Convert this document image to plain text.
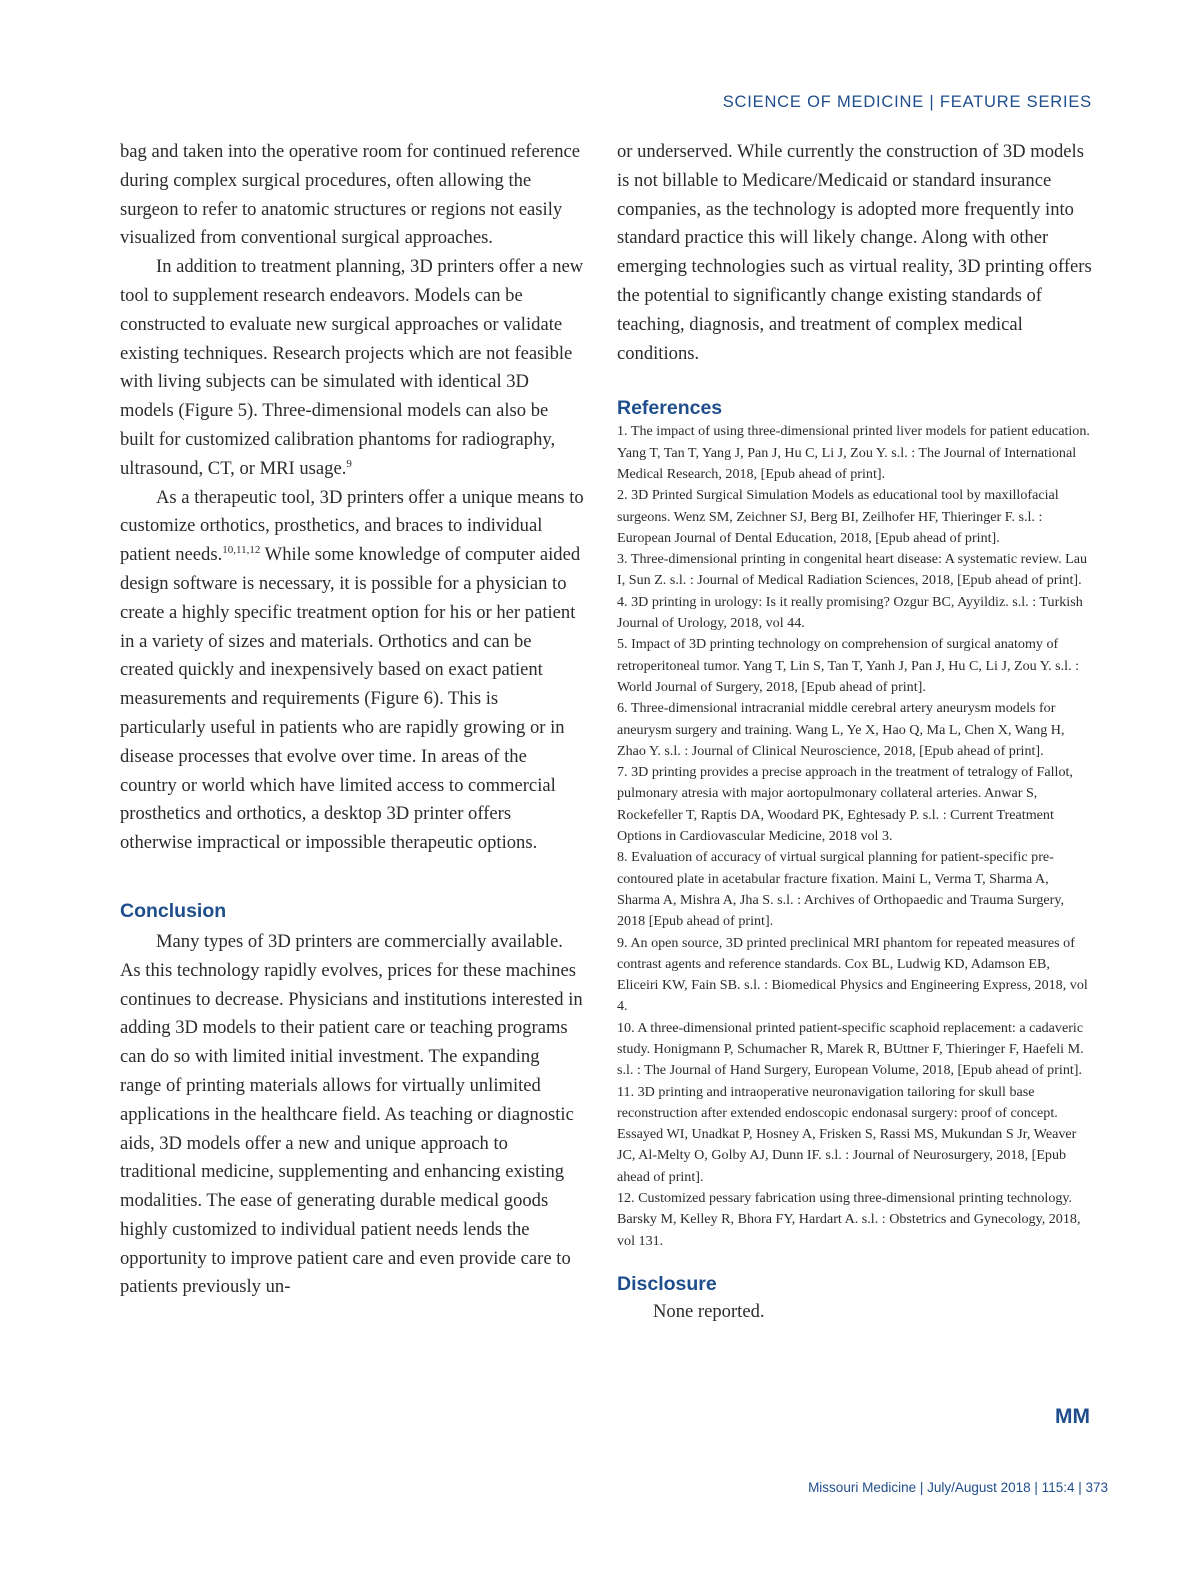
SCIENCE OF MEDICINE | FEATURE SERIES

bag and taken into the operative room for continued reference during complex surgical procedures, often allowing the surgeon to refer to anatomic structures or regions not easily visualized from conventional surgical approaches.

In addition to treatment planning, 3D printers offer a new tool to supplement research endeavors. Models can be constructed to evaluate new surgical approaches or validate existing techniques. Research projects which are not feasible with living subjects can be simulated with identical 3D models (Figure 5). Three-dimensional models can also be built for customized calibration phantoms for radiography, ultrasound, CT, or MRI usage.$^9$

As a therapeutic tool, 3D printers offer a unique means to customize orthotics, prosthetics, and braces to individual patient needs.$^{10,11,12}$ While some knowledge of computer aided design software is necessary, it is possible for a physician to create a highly specific treatment option for his or her patient in a variety of sizes and materials. Orthotics and can be created quickly and inexpensively based on exact patient measurements and requirements (Figure 6). This is particularly useful in patients who are rapidly growing or in disease processes that evolve over time. In areas of the country or world which have limited access to commercial prosthetics and orthotics, a desktop 3D printer offers otherwise impractical or impossible therapeutic options.

Conclusion

Many types of 3D printers are commercially available. As this technology rapidly evolves, prices for these machines continues to decrease. Physicians and institutions interested in adding 3D models to their patient care or teaching programs can do so with limited initial investment. The expanding range of printing materials allows for virtually unlimited applications in the healthcare field. As teaching or diagnostic aids, 3D models offer a new and unique approach to traditional medicine, supplementing and enhancing existing modalities. The ease of generating durable medical goods highly customized to individual patient needs lends the opportunity to improve patient care and even provide care to patients previously un-

or underserved. While currently the construction of 3D models is not billable to Medicare/Medicaid or standard insurance companies, as the technology is adopted more frequently into standard practice this will likely change. Along with other emerging technologies such as virtual reality, 3D printing offers the potential to significantly change existing standards of teaching, diagnosis, and treatment of complex medical conditions.

References

1. The impact of using three-dimensional printed liver models for patient education. Yang T, Tan T, Yang J, Pan J, Hu C, Li J, Zou Y. s.l. : The Journal of International Medical Research, 2018, [Epub ahead of print].

2. 3D Printed Surgical Simulation Models as educational tool by maxillofacial surgeons. Wenz SM, Zeichner SJ, Berg BI, Zeilhofer HF, Thieringer F. s.l. : European Journal of Dental Education, 2018, [Epub ahead of print].

3. Three-dimensional printing in congenital heart disease: A systematic review. Lau I, Sun Z. s.l. : Journal of Medical Radiation Sciences, 2018, [Epub ahead of print].

4. 3D printing in urology: Is it really promising? Ozgur BC, Ayyildiz. s.l. : Turkish Journal of Urology, 2018, vol 44.

5. Impact of 3D printing technology on comprehension of surgical anatomy of retroperitoneal tumor. Yang T, Lin S, Tan T, Yanh J, Pan J, Hu C, Li J, Zou Y. s.l. : World Journal of Surgery, 2018, [Epub ahead of print].

6. Three-dimensional intracranial middle cerebral artery aneurysm models for aneurysm surgery and training. Wang L, Ye X, Hao Q, Ma L, Chen X, Wang H, Zhao Y. s.l. : Journal of Clinical Neuroscience, 2018, [Epub ahead of print].

7. 3D printing provides a precise approach in the treatment of tetralogy of Fallot, pulmonary atresia with major aortopulmonary collateral arteries. Anwar S, Rockefeller T, Raptis DA, Woodard PK, Eghtesady P. s.l. : Current Treatment Options in Cardiovascular Medicine, 2018 vol 3.

8. Evaluation of accuracy of virtual surgical planning for patient-specific pre-contoured plate in acetabular fracture fixation. Maini L, Verma T, Sharma A, Sharma A, Mishra A, Jha S. s.l. : Archives of Orthopaedic and Trauma Surgery, 2018 [Epub ahead of print].

9. An open source, 3D printed preclinical MRI phantom for repeated measures of contrast agents and reference standards. Cox BL, Ludwig KD, Adamson EB, Eliceiri KW, Fain SB. s.l. : Biomedical Physics and Engineering Express, 2018, vol 4.

10. A three-dimensional printed patient-specific scaphoid replacement: a cadaveric study. Honigmann P, Schumacher R, Marek R, BUttner F, Thieringer F, Haefeli M. s.l. : The Journal of Hand Surgery, European Volume, 2018, [Epub ahead of print].

11. 3D printing and intraoperative neuronavigation tailoring for skull base reconstruction after extended endoscopic endonasal surgery: proof of concept. Essayed WI, Unadkat P, Hosney A, Frisken S, Rassi MS, Mukundan S Jr, Weaver JC, Al-Melty O, Golby AJ, Dunn IF. s.l. : Journal of Neurosurgery, 2018, [Epub ahead of print].

12. Customized pessary fabrication using three-dimensional printing technology. Barsky M, Kelley R, Bhora FY, Hardart A. s.l. : Obstetrics and Gynecology, 2018, vol 131.

Disclosure

None reported.

MM
Missouri Medicine | July/August 2018 | 115:4 | 373
